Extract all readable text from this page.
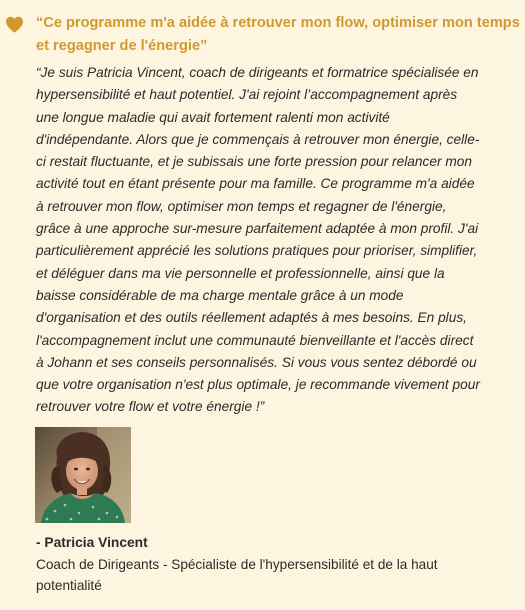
“Ce programme m'a aidée à retrouver mon flow, optimiser mon temps
et regagner de l'énergie”

“Je suis Patricia Vincent, coach de dirigeants et formatrice spécialisée en
hypersensibilité et haut potentiel. J'ai rejoint l’accompagnement après
une longue maladie qui avait fortement ralenti mon activité
d'indépendante. Alors que je commençais à retrouver mon énergie, celle-
ci restait fluctuante, et je subissais une forte pression pour relancer mon
activité tout en étant présente pour ma famille. Ce programme m'a aidée
à retrouver mon flow, optimiser mon temps et regagner de l'énergie,
grâce à une approche sur-mesure parfaitement adaptée à mon profil. J'ai
particulièrement apprécié les solutions pratiques pour prioriser, simplifier,
et déléguer dans ma vie personnelle et professionnelle, ainsi que la
baisse considérable de ma charge mentale grâce à un mode
d'organisation et des outils réellement adaptés à mes besoins. En plus,
l'accompagnement inclut une communauté bienveillante et l'accès direct
à Johann et ses conseils personnalisés. Si vous vous sentez débordé ou
que votre organisation n'est plus optimale, je recommande vivement pour
retrouver votre flow et votre énergie !”

- Patricia Vincent

Coach de Dirigeants - Spécialiste de l'hypersensibilité et de la haut
potentialité
